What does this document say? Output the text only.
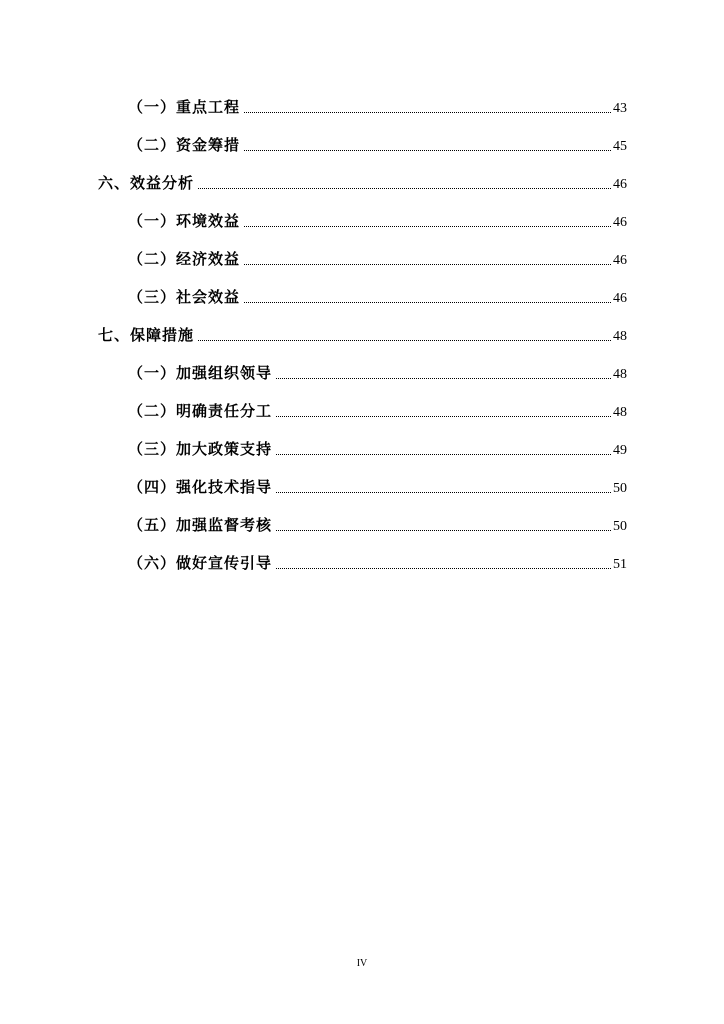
（一）重点工程	43
（二）资金筹措	45
六、效益分析	46
（一）环境效益	46
（二）经济效益	46
（三）社会效益	46
七、保障措施	48
（一）加强组织领导	48
（二）明确责任分工	48
（三）加大政策支持	49
（四）强化技术指导	50
（五）加强监督考核	50
（六）做好宣传引导	51
IV
